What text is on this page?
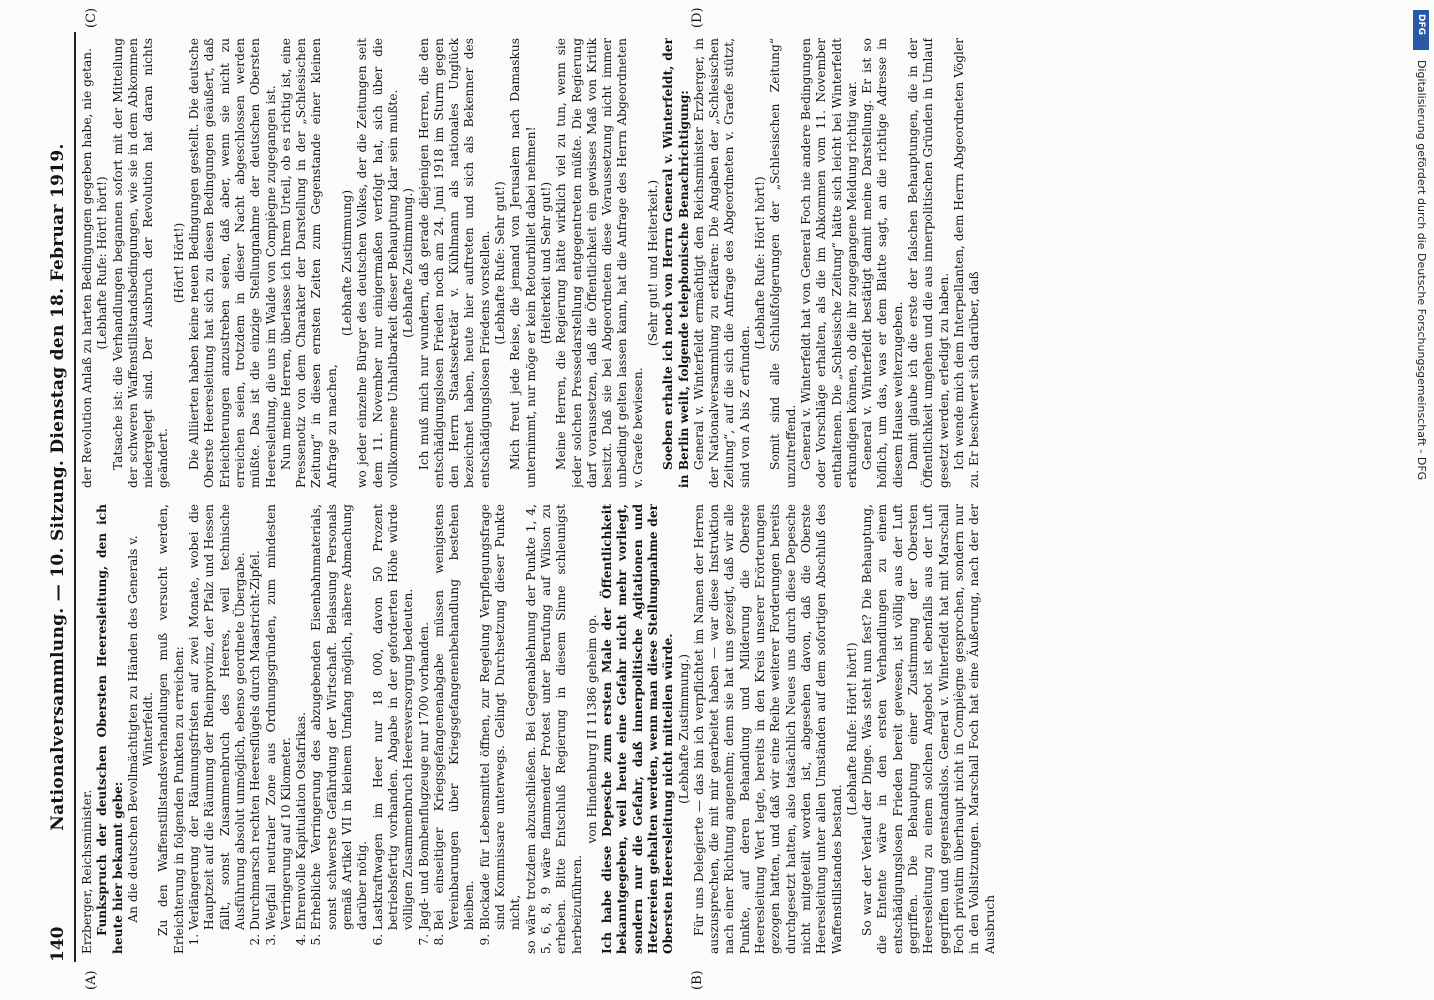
140
Nationalversammlung. — 10. Sitzung. Dienstag den 18. Februar 1919.
(A)	(B)
(C)	(D)

Erzberger, Reichsminister. Funkspruch der deutschen Obersten Heeresleitung, den ich heute hier bekannt gebe: An die deutschen Bevollmächtigten zu Händen des Generals v. Winterfeldt. Zu den Waffenstillstandsverhandlungen muß versucht werden, Erleichterung in folgenden Punkten zu erreichen: 1. Verlängerung der Räumungsfristen auf zwei Monate, wobei die Hauptzeit auf die Räumung der Rheinprovinz, der Pfalz und Hessen fällt, sonst Zusammenbruch des Heeres, weil technische Ausführung absolut unmöglich, ebenso geordnete Übergabe. 2. Durchmarsch rechten Heeresflügels durch Maastricht-Zipfel. 3. Wegfall neutraler Zone aus Ordnungsgründen, zum mindesten Verringerung auf 10 Kilometer. 4. Ehrenvolle Kapitulation Ostafrikas. 5. Erhebliche Verringerung des abzugebenden Eisenbahnmaterials, sonst schwerste Gefährdung der Wirtschaft. Belassung Personals gemäß Artikel VII in kleinem Umfang möglich, nähere Abmachung darüber nötig. 6. Lastkraftwagen im Heer nur 18 000, davon 50 Prozent betriebsfertig vorhanden. Abgabe in der geforderten Höhe würde völligen Zusammenbruch Heeresversorgung bedeuten. 7. Jagd- und Bombenflugzeuge nur 1700 vorhanden. 8. Bei einseitiger Kriegsgefangenenabgabe müssen wenigstens Vereinbarungen über Kriegsgefangenenbehandlung bestehen bleiben. 9. Blockade für Lebensmittel öffnen, zur Regelung Verpflegungsfrage sind Kommissare unterwegs. Gelingt Durchsetzung dieser Punkte nicht, so wäre trotzdem abzuschließen. Bei Gegenablehnung der Punkte 1, 4, 5, 6, 8, 9 wäre flammender Protest unter Berufung auf Wilson zu erheben. Bitte Entschluß Regierung in diesem Sinne schleunigst herbeizuführen.

von Hindenburg II 11386 geheim op. Ich habe diese Depesche zum ersten Male der Öffentlichkeit bekanntgegeben, weil heute eine Gefahr nicht mehr vorliegt, sondern nur die Gefahr, daß innerpolitische Agitationen und Hetzereien gehalten werden, wenn man diese Stellungnahme der Obersten Heeresleitung nicht mitteilen würde. (Lebhafte Zustimmung.) Für uns Delegierte — das bin ich verpflichtet im Namen der Herren auszusprechen, die mit mir gearbeitet haben — war diese Instruktion nach einer Richtung angenehm; denn sie hat uns gezeigt, daß wir alle Punkte, auf deren Behandlung und Milderung die Oberste Heeresleitung Wert legte, bereits in den Kreis unserer Erörterungen gezogen hatten, und daß wir eine Reihe weiterer Forderungen bereits durchgesetzt hatten, also tatsächlich Neues uns durch diese Depesche nicht mitgeteilt worden ist, abgesehen davon, daß die Oberste Heeresleitung unter allen Umständen auf dem sofortigen Abschluß des Waffenstillstandes bestand.

(Lebhafte Rufe: Hört! hört!) So war der Verlauf der Dinge. Was steht nun fest? Die Behauptung, die Entente wäre in den ersten Verhandlungen zu einem entschädigungslosen Frieden bereit gewesen, ist völlig aus der Luft gegriffen. Die Behauptung einer Zustimmung der Obersten Heeresleitung zu einem solchen Angebot ist ebenfalls aus der Luft gegriffen und gegenstandslos. General v. Winterfeldt hat mit Marschall Foch privatim überhaupt nicht in Compiègne gesprochen, sondern nur in den Vollsitzungen. Marschall Foch hat eine Äußerung, nach der der Ausbruch

der Revolution Anlaß zu harten Bedingungen gegeben habe, nie getan. (Lebhafte Rufe: Hört! hört!) Tatsache ist: die Verhandlungen begannen sofort mit der Mitteilung der schweren Waffenstillstandsbedingungen, wie sie in dem Abkommen niedergelegt sind. Der Ausbruch der Revolution hat daran nichts geändert.

(Hört! Hört!) Die Alliierten haben keine neuen Bedingungen gestellt. Die deutsche Oberste Heeresleitung hat sich zu diesen Bedingungen geäußert, daß Erleichterungen anzustreben seien, daß aber, wenn sie nicht zu erreichen seien, trotzdem in dieser Nacht abgeschlossen werden müßte. Das ist die einzige Stellungnahme der deutschen Obersten Heeresleitung, die uns im Walde von Compiègne zugegangen ist. Nun meine Herren, überlasse ich Ihrem Urteil, ob es richtig ist, eine Pressenotiz von dem Charakter der Darstellung in der „Schlesischen Zeitung“ in diesen ernsten Zeiten zum Gegenstande einer kleinen Anfrage zu machen,

(Lebhafte Zustimmung) wo jeder einzelne Bürger des deutschen Volkes, der die Zeitungen seit dem 11. November nur einigermaßen verfolgt hat, sich über die vollkommene Unhaltbarkeit dieser Behauptung klar sein mußte. (Lebhafte Zustimmung.) Ich muß mich nur wundern, daß gerade diejenigen Herren, die den entschädigungslosen Frieden noch am 24. Juni 1918 im Sturm gegen den Herrn Staatssekretär v. Kühlmann als nationales Unglück bezeichnet haben, heute hier auftreten und sich als Bekenner des entschädigungslosen Friedens vorstellen. (Lebhafte Rufe: Sehr gut!) Mich freut jede Reise, die jemand von Jerusalem nach Damaskus unternimmt, nur möge er kein Retourbillet dabei nehmen! (Heiterkeit und Sehr gut!) Meine Herren, die Regierung hätte wirklich viel zu tun, wenn sie jeder solchen Pressedarstellung entgegentreten müßte. Die Regierung darf voraussetzen, daß die Öffentlichkeit ein gewisses Maß von Kritik besitzt. Daß sie bei Abgeordneten diese Voraussetzung nicht immer unbedingt gelten lassen kann, hat die Anfrage des Herrn Abgeordneten v. Graefe bewiesen.

(Sehr gut! und Heiterkeit.) Soeben erhalte ich noch von Herrn General v. Winterfeldt, der in Berlin weilt, folgende telephonische Benachrichtigung: General v. Winterfeldt ermächtigt den Reichsminister Erzberger, in der Nationalversammlung zu erklären: Die Angaben der „Schlesischen Zeitung“, auf die sich die Anfrage des Abgeordneten v. Graefe stützt, sind von A bis Z erfunden.

(Lebhafte Rufe: Hört! hört!) Somit sind alle Schlußfolgerungen der „Schlesischen Zeitung“ unzutreffend. General v. Winterfeldt hat von General Foch nie andere Bedingungen oder Vorschläge erhalten, als die im Abkommen vom 11. November enthaltenen. Die „Schlesische Zeitung“ hätte sich leicht bei Winterfeldt erkundigen können, ob die ihr zugegangene Meldung richtig war. General v. Winterfeldt bestätigt damit meine Darstellung. Er ist so höflich, um das, was er dem Blatte sagt, an die richtige Adresse in diesem Hause weiterzugeben. Damit glaube ich die erste der falschen Behauptungen, die in der Öffentlichkeit umgehen und die aus innerpolitischen Gründen in Umlauf gesetzt werden, erledigt zu haben. Ich wende mich dem Interpellanten, dem Herrn Abgeordneten Vögler zu. Er beschwert sich darüber, daß

DFG
Digitalisierung gefördert durch die Deutsche Forschungsgemeinschaft - DFG
